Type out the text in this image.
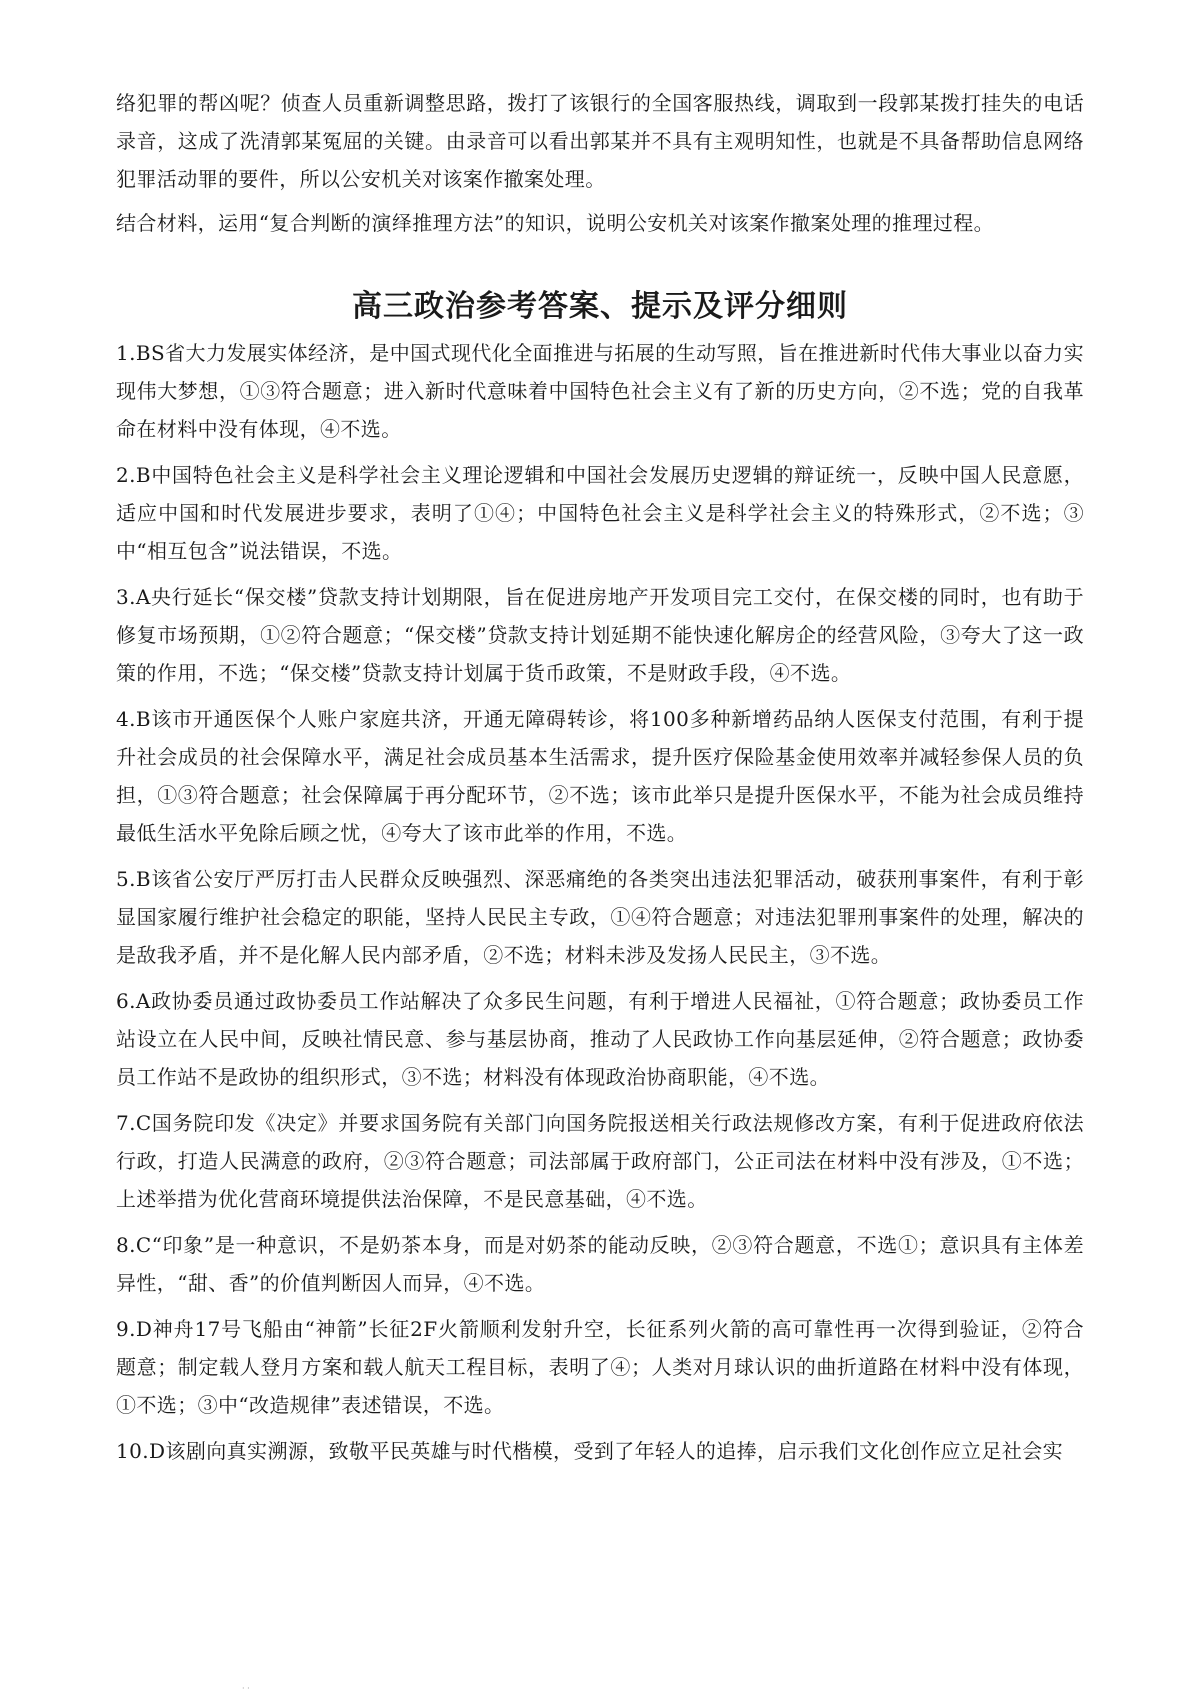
络犯罪的帮凶呢？侦查人员重新调整思路，拨打了该银行的全国客服热线，调取到一段郭某拨打挂失的电话录音，这成了洗清郭某冤屈的关键。由录音可以看出郭某并不具有主观明知性，也就是不具备帮助信息网络犯罪活动罪的要件，所以公安机关对该案作撤案处理。

结合材料，运用“复合判断的演绎推理方法”的知识，说明公安机关对该案作撤案处理的推理过程。

高三政治参考答案、提示及评分细则

1.BS省大力发展实体经济，是中国式现代化全面推进与拓展的生动写照，旨在推进新时代伟大事业以奋力实现伟大梦想，①③符合题意；进入新时代意味着中国特色社会主义有了新的历史方向，②不选；党的自我革命在材料中没有体现，④不选。

2.B中国特色社会主义是科学社会主义理论逻辑和中国社会发展历史逻辑的辩证统一，反映中国人民意愿，适应中国和时代发展进步要求，表明了①④；中国特色社会主义是科学社会主义的特殊形式，②不选；③中“相互包含”说法错误，不选。

3.A央行延长“保交楼”贷款支持计划期限，旨在促进房地产开发项目完工交付，在保交楼的同时，也有助于修复市场预期，①②符合题意；“保交楼”贷款支持计划延期不能快速化解房企的经营风险，③夸大了这一政策的作用，不选；“保交楼”贷款支持计划属于货币政策，不是财政手段，④不选。

4.B该市开通医保个人账户家庭共济，开通无障碍转诊，将100多种新增药品纳人医保支付范围，有利于提升社会成员的社会保障水平，满足社会成员基本生活需求，提升医疗保险基金使用效率并减轻参保人员的负担，①③符合题意；社会保障属于再分配环节，②不选；该市此举只是提升医保水平，不能为社会成员维持最低生活水平免除后顾之忧，④夸大了该市此举的作用，不选。

5.B该省公安厅严厉打击人民群众反映强烈、深恶痛绝的各类突出违法犯罪活动，破获刑事案件，有利于彰显国家履行维护社会稳定的职能，坚持人民民主专政，①④符合题意；对违法犯罪刑事案件的处理，解决的是敌我矛盾，并不是化解人民内部矛盾，②不选；材料未涉及发扬人民民主，③不选。

6.A政协委员通过政协委员工作站解决了众多民生问题，有利于增进人民福祉，①符合题意；政协委员工作站设立在人民中间，反映社情民意、参与基层协商，推动了人民政协工作向基层延伸，②符合题意；政协委员工作站不是政协的组织形式，③不选；材料没有体现政治协商职能，④不选。

7.C国务院印发《决定》并要求国务院有关部门向国务院报送相关行政法规修改方案，有利于促进政府依法行政，打造人民满意的政府，②③符合题意；司法部属于政府部门，公正司法在材料中没有涉及，①不选；上述举措为优化营商环境提供法治保障，不是民意基础，④不选。

8.C“印象”是一种意识，不是奶茶本身，而是对奶茶的能动反映，②③符合题意，不选①；意识具有主体差异性，“甜、香”的价值判断因人而异，④不选。

9.D神舟17号飞船由“神箭”长征2F火箭顺利发射升空，长征系列火箭的高可靠性再一次得到验证，②符合题意；制定载人登月方案和载人航天工程目标，表明了④；人类对月球认识的曲折道路在材料中没有体现，①不选；③中“改造规律”表述错误，不选。

10.D该剧向真实溯源，致敬平民英雄与时代楷模，受到了年轻人的追捧，启示我们文化创作应立足社会实

· ·
